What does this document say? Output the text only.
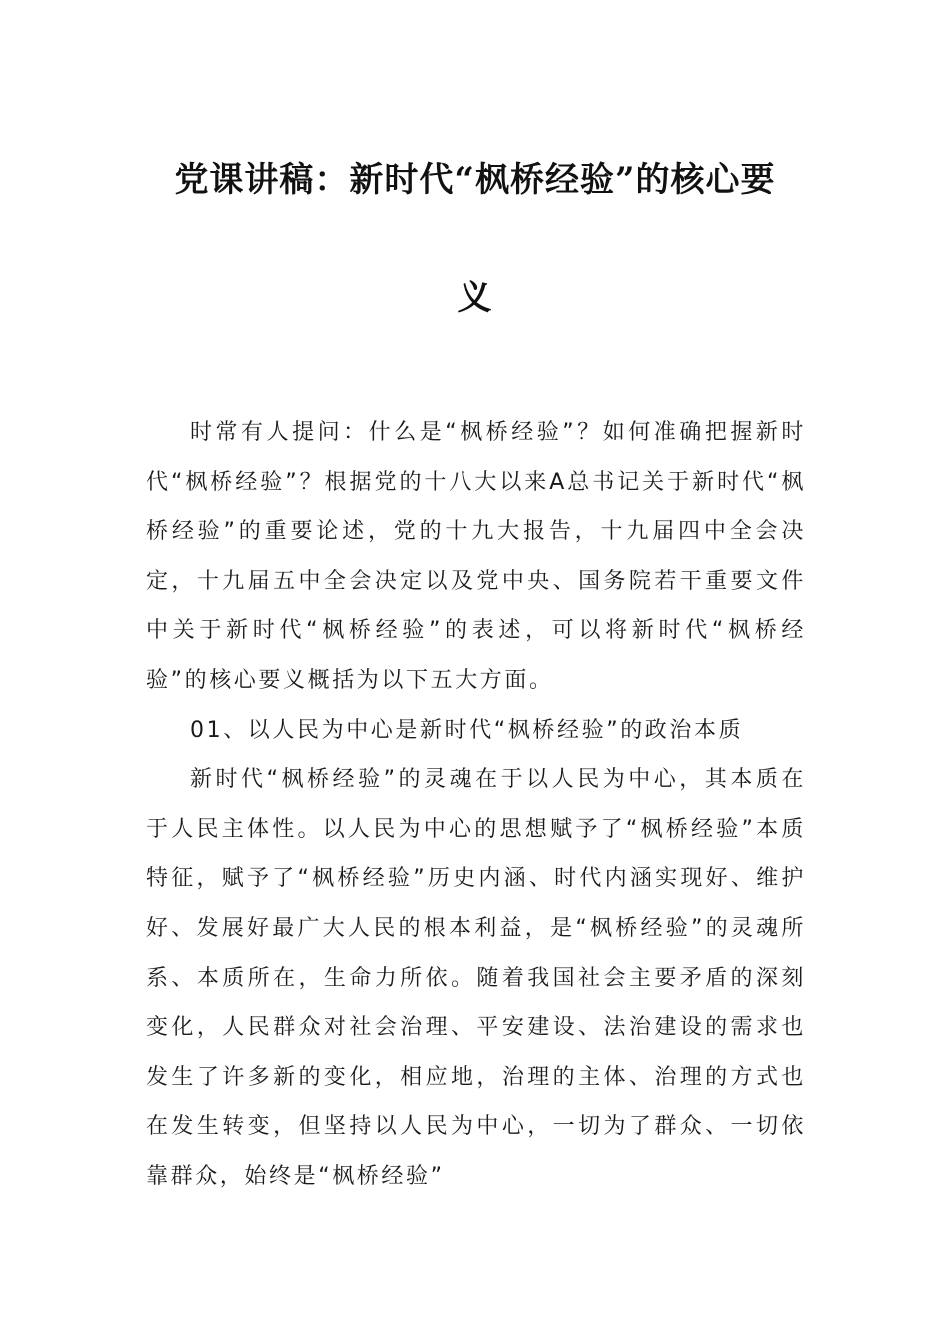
党课讲稿：新时代“枫桥经验”的核心要
义

时常有人提问：什么是“枫桥经验”？如何准确把握新时代“枫桥经验”？根据党的十八大以来A总书记关于新时代“枫桥经验”的重要论述，党的十九大报告，十九届四中全会决定，十九届五中全会决定以及党中央、国务院若干重要文件中关于新时代“枫桥经验”的表述，可以将新时代“枫桥经验”的核心要义概括为以下五大方面。

01、以人民为中心是新时代“枫桥经验”的政治本质

新时代“枫桥经验”的灵魂在于以人民为中心，其本质在于人民主体性。以人民为中心的思想赋予了“枫桥经验”本质特征，赋予了“枫桥经验”历史内涵、时代内涵实现好、维护好、发展好最广大人民的根本利益，是“枫桥经验”的灵魂所系、本质所在，生命力所依。随着我国社会主要矛盾的深刻变化，人民群众对社会治理、平安建设、法治建设的需求也发生了许多新的变化，相应地，治理的主体、治理的方式也在发生转变，但坚持以人民为中心，一切为了群众、一切依靠群众，始终是“枫桥经验”
